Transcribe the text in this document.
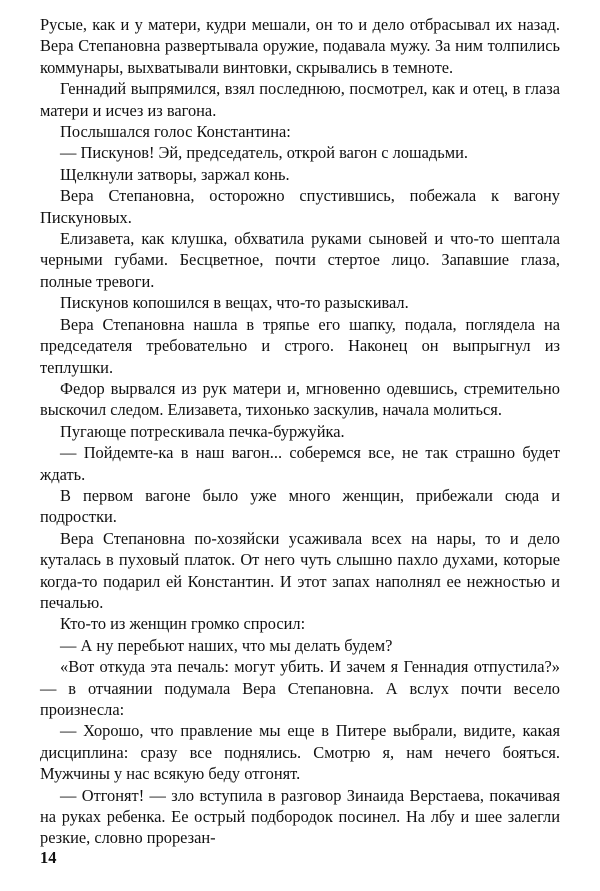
Русые, как и у матери, кудри мешали, он то и дело отбрасывал их назад. Вера Степановна развертывала оружие, подавала мужу. За ним толпились коммунары, выхватывали винтовки, скрывались в темноте.

Геннадий выпрямился, взял последнюю, посмотрел, как и отец, в глаза матери и исчез из вагона.

Послышался голос Константина:

— Пискунов! Эй, председатель, открой вагон с лошадьми.

Щелкнули затворы, заржал конь.

Вера Степановна, осторожно спустившись, побежала к вагону Пискуновых.

Елизавета, как клушка, обхватила руками сыновей и что-то шептала черными губами. Бесцветное, почти стертое лицо. Запавшие глаза, полные тревоги.

Пискунов копошился в вещах, что-то разыскивал.

Вера Степановна нашла в тряпье его шапку, подала, поглядела на председателя требовательно и строго. Наконец он выпрыгнул из теплушки.

Федор вырвался из рук матери и, мгновенно одевшись, стремительно выскочил следом. Елизавета, тихонько заскулив, начала молиться.

Пугающе потрескивала печка-буржуйка.

— Пойдемте-ка в наш вагон... соберемся все, не так страшно будет ждать.

В первом вагоне было уже много женщин, прибежали сюда и подростки.

Вера Степановна по-хозяйски усаживала всех на нары, то и дело куталась в пуховый платок. От него чуть слышно пахло духами, которые когда-то подарил ей Константин. И этот запах наполнял ее нежностью и печалью.

Кто-то из женщин громко спросил:

— А ну перебьют наших, что мы делать будем?

«Вот откуда эта печаль: могут убить. И зачем я Геннадия отпустила?» — в отчаянии подумала Вера Степановна. А вслух почти весело произнесла:

— Хорошо, что правление мы еще в Питере выбрали, видите, какая дисциплина: сразу все поднялись. Смотрю я, нам нечего бояться. Мужчины у нас всякую беду отгонят.

— Отгонят! — зло вступила в разговор Зинаида Верстаева, покачивая на руках ребенка. Ее острый подбородок посинел. На лбу и шее залегли резкие, словно прорезан-

14
